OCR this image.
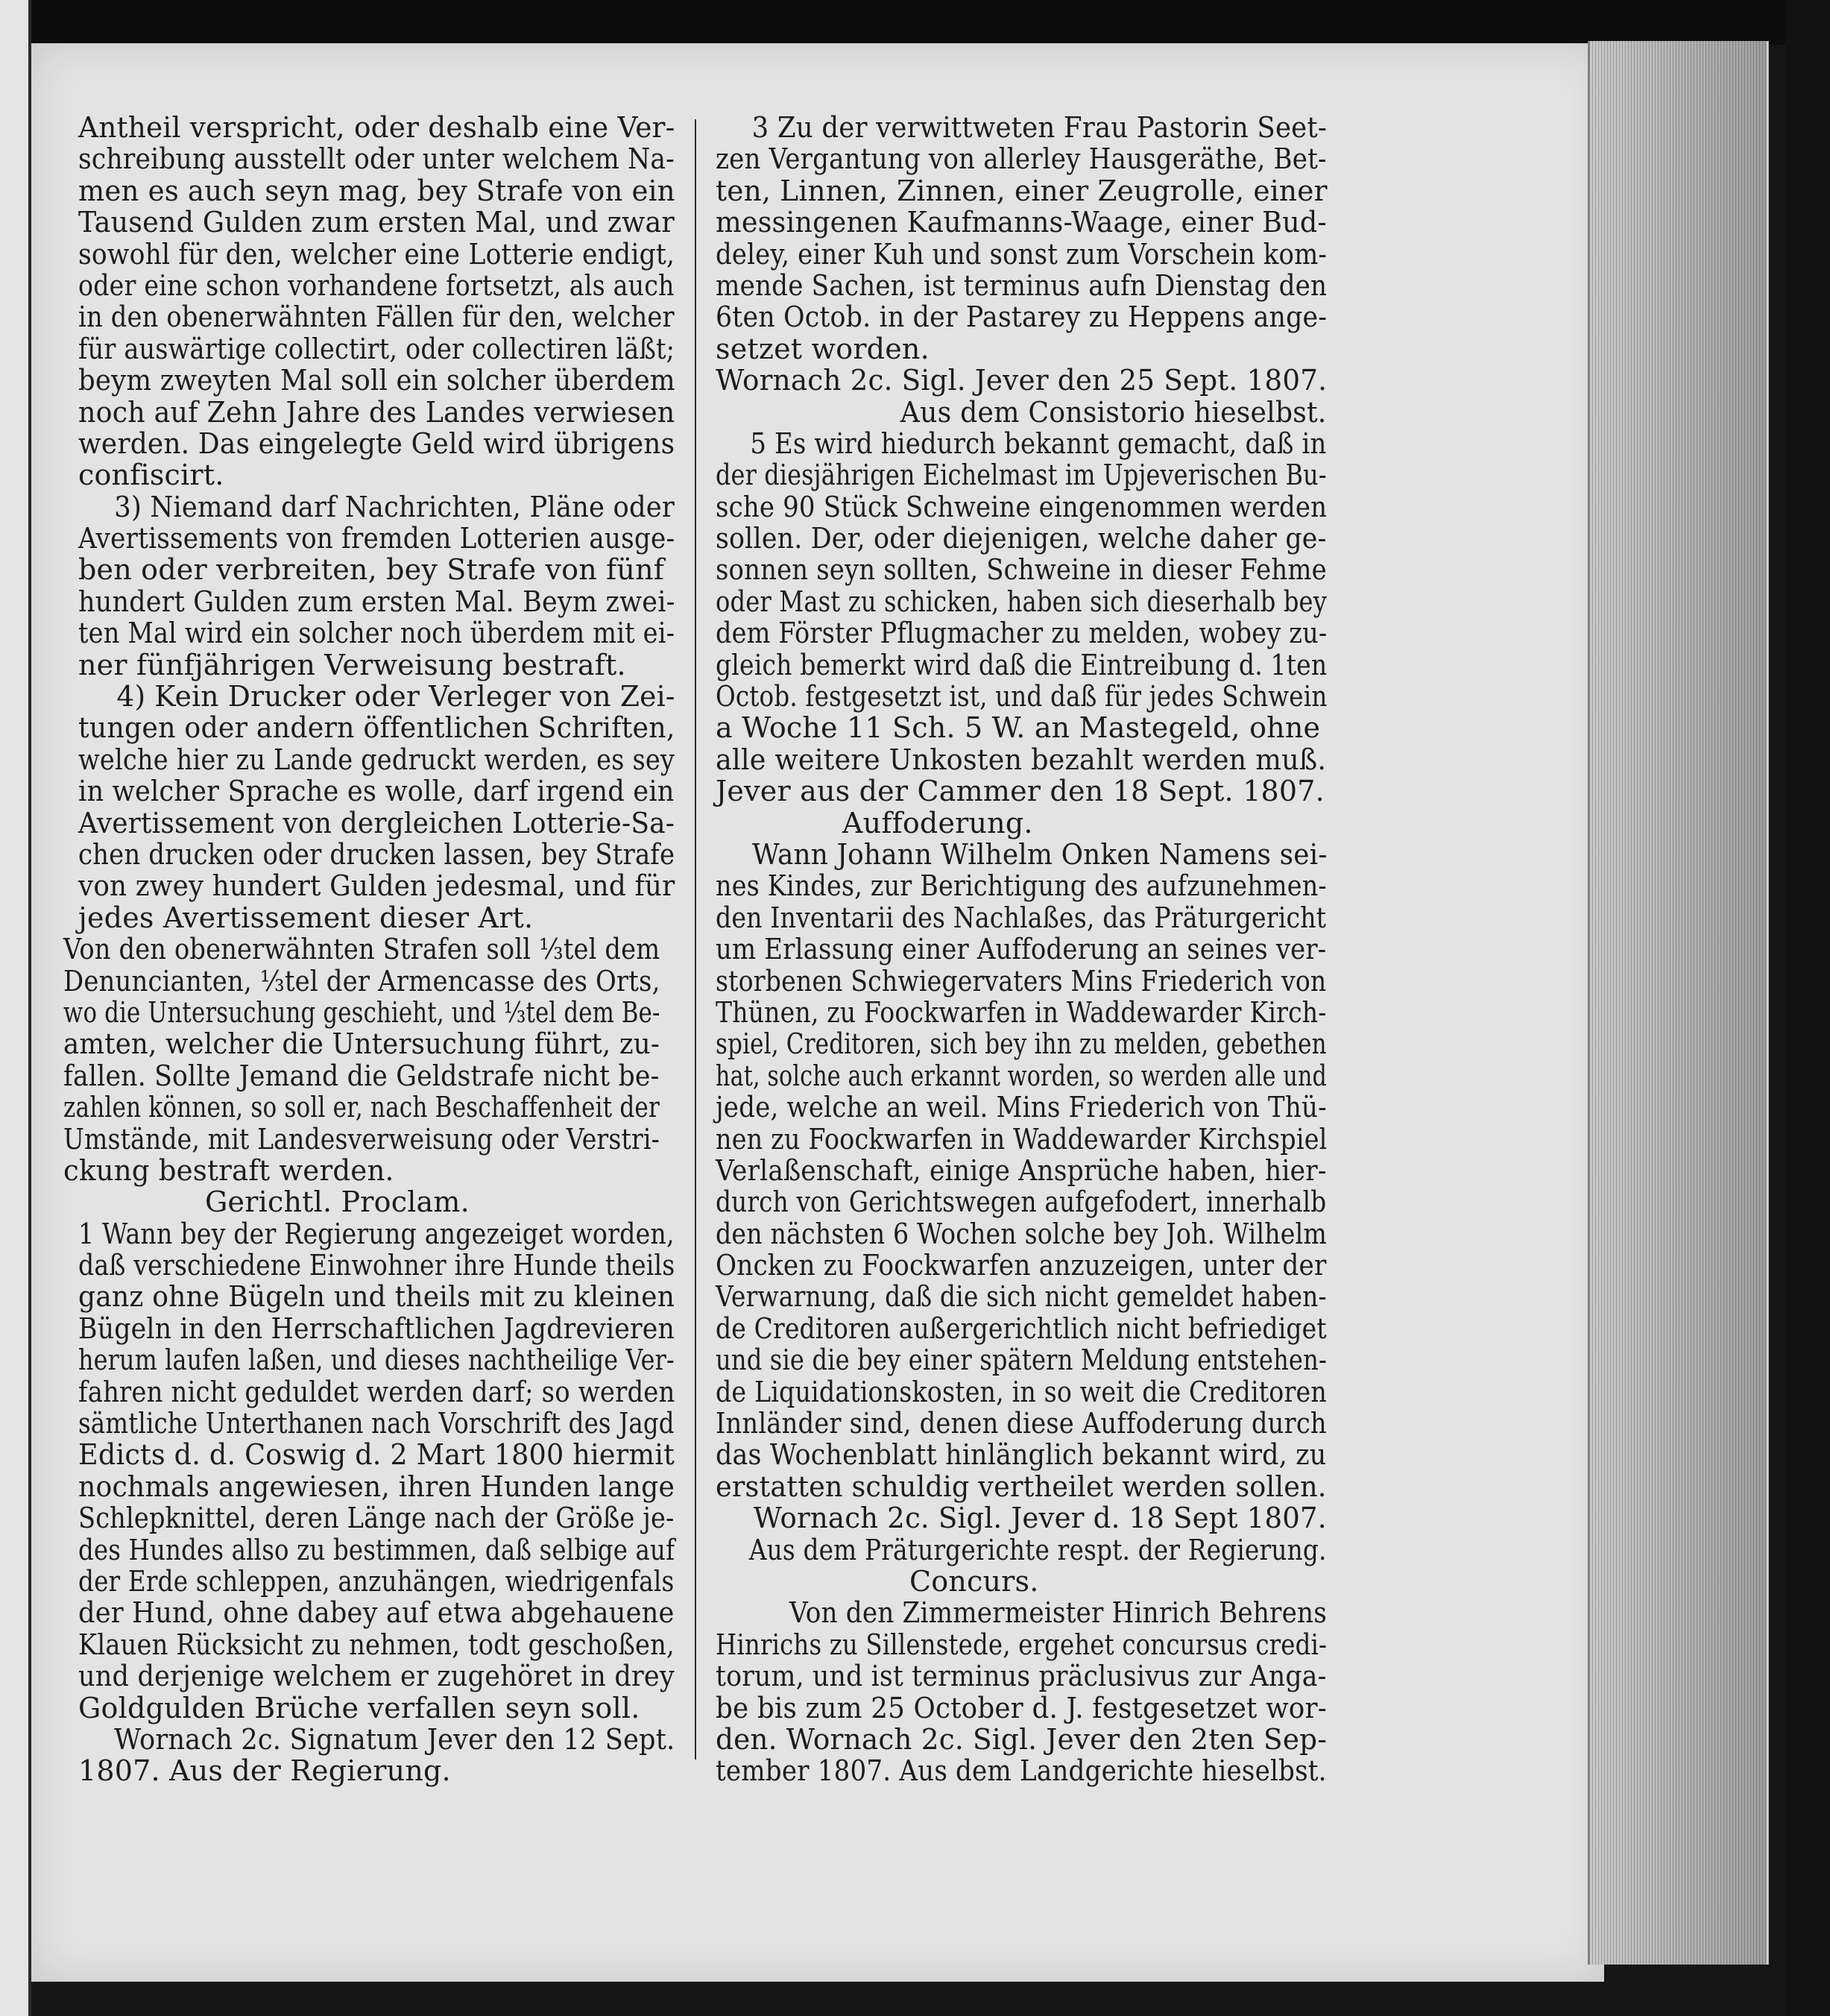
Antheil verspricht, oder deshalb eine Ver-
schreibung ausstellt oder unter welchem Na-
men es auch seyn mag, bey Strafe von ein
Tausend Gulden zum ersten Mal, und zwar
sowohl für den, welcher eine Lotterie endigt,
oder eine schon vorhandene fortsetzt, als auch
in den obenerwähnten Fällen für den, welcher
für auswärtige collectirt, oder collectiren läßt;
beym zweyten Mal soll ein solcher überdem
noch auf Zehn Jahre des Landes verwiesen
werden. Das eingelegte Geld wird übrigens
confiscirt.
3) Niemand darf Nachrichten, Pläne oder
Avertissements von fremden Lotterien ausge-
ben oder verbreiten, bey Strafe von fünf
hundert Gulden zum ersten Mal. Beym zwei-
ten Mal wird ein solcher noch überdem mit ei-
ner fünfjährigen Verweisung bestraft.
4) Kein Drucker oder Verleger von Zei-
tungen oder andern öffentlichen Schriften,
welche hier zu Lande gedruckt werden, es sey
in welcher Sprache es wolle, darf irgend ein
Avertissement von dergleichen Lotterie-Sa-
chen drucken oder drucken lassen, bey Strafe
von zwey hundert Gulden jedesmal, und für
jedes Avertissement dieser Art.
Von den obenerwähnten Strafen soll ⅓tel dem
Denuncianten, ⅓tel der Armencasse des Orts,
wo die Untersuchung geschieht, und ⅓tel dem Be-
amten, welcher die Untersuchung führt, zu-
fallen. Sollte Jemand die Geldstrafe nicht be-
zahlen können, so soll er, nach Beschaffenheit der
Umstände, mit Landesverweisung oder Verstri-
ckung bestraft werden.
Gerichtl. Proclam.
1 Wann bey der Regierung angezeiget worden,
daß verschiedene Einwohner ihre Hunde theils
ganz ohne Bügeln und theils mit zu kleinen
Bügeln in den Herrschaftlichen Jagdrevieren
herum laufen laßen, und dieses nachtheilige Ver-
fahren nicht geduldet werden darf; so werden
sämtliche Unterthanen nach Vorschrift des Jagd
Edicts d. d. Coswig d. 2 Mart 1800 hiermit
nochmals angewiesen, ihren Hunden lange
Schlepknittel, deren Länge nach der Größe je-
des Hundes allso zu bestimmen, daß selbige auf
der Erde schleppen, anzuhängen, wiedrigenfals
der Hund, ohne dabey auf etwa abgehauene
Klauen Rücksicht zu nehmen, todt geschoßen,
und derjenige welchem er zugehöret in drey
Goldgulden Brüche verfallen seyn soll.
Wornach 2c. Signatum Jever den 12 Sept.
1807. Aus der Regierung.
3 Zu der verwittweten Frau Pastorin Seet-
zen Vergantung von allerley Hausgeräthe, Bet-
ten, Linnen, Zinnen, einer Zeugrolle, einer
messingenen Kaufmanns-Waage, einer Bud-
deley, einer Kuh und sonst zum Vorschein kom-
mende Sachen, ist terminus aufn Dienstag den
6ten Octob. in der Pastarey zu Heppens ange-
setzet worden.
Wornach 2c. Sigl. Jever den 25 Sept. 1807.
Aus dem Consistorio hieselbst.
5 Es wird hiedurch bekannt gemacht, daß in
der diesjährigen Eichelmast im Upjeverischen Bu-
sche 90 Stück Schweine eingenommen werden
sollen. Der, oder diejenigen, welche daher ge-
sonnen seyn sollten, Schweine in dieser Fehme
oder Mast zu schicken, haben sich dieserhalb bey
dem Förster Pflugmacher zu melden, wobey zu-
gleich bemerkt wird daß die Eintreibung d. 1ten
Octob. festgesetzt ist, und daß für jedes Schwein
a Woche 11 Sch. 5 W. an Mastegeld, ohne
alle weitere Unkosten bezahlt werden muß.
Jever aus der Cammer den 18 Sept. 1807.
Auffoderung.
Wann Johann Wilhelm Onken Namens sei-
nes Kindes, zur Berichtigung des aufzunehmen-
den Inventarii des Nachlaßes, das Präturgericht
um Erlassung einer Auffoderung an seines ver-
storbenen Schwiegervaters Mins Friederich von
Thünen, zu Foockwarfen in Waddewarder Kirch-
spiel, Creditoren, sich bey ihn zu melden, gebethen
hat, solche auch erkannt worden, so werden alle und
jede, welche an weil. Mins Friederich von Thü-
nen zu Foockwarfen in Waddewarder Kirchspiel
Verlaßenschaft, einige Ansprüche haben, hier-
durch von Gerichtswegen aufgefodert, innerhalb
den nächsten 6 Wochen solche bey Joh. Wilhelm
Oncken zu Foockwarfen anzuzeigen, unter der
Verwarnung, daß die sich nicht gemeldet haben-
de Creditoren außergerichtlich nicht befriediget
und sie die bey einer spätern Meldung entstehen-
de Liquidationskosten, in so weit die Creditoren
Innländer sind, denen diese Auffoderung durch
das Wochenblatt hinlänglich bekannt wird, zu
erstatten schuldig vertheilet werden sollen.
Wornach 2c. Sigl. Jever d. 18 Sept 1807.
Aus dem Präturgerichte respt. der Regierung.
Concurs.
Von den Zimmermeister Hinrich Behrens
Hinrichs zu Sillenstede, ergehet concursus credi-
torum, und ist terminus präclusivus zur Anga-
be bis zum 25 October d. J. festgesetzet wor-
den. Wornach 2c. Sigl. Jever den 2ten Sep-
tember 1807. Aus dem Landgerichte hieselbst.
